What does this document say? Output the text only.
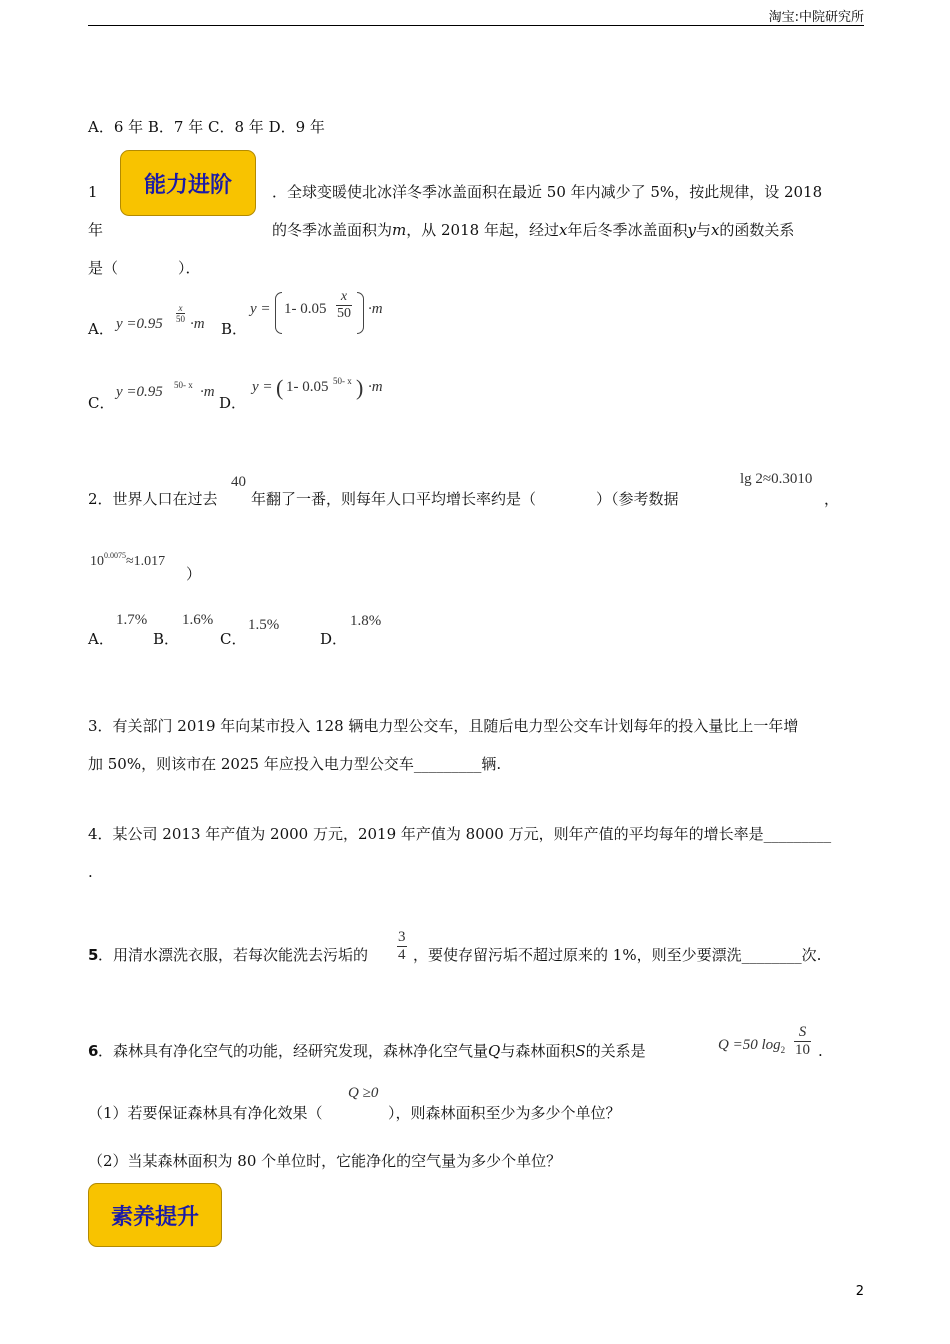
淘宝:中院研究所
A．6 年 B．7 年 C．8 年 D．9 年
能力进阶
1	．全球变暖使北冰洋冬季冰盖面积在最近 50 年内减少了 5%，按此规律，设 2018
年	的冬季冰盖面积为m，从 2018 年起，经过x年后冬季冰盖面积y与x的函数关系
是（　　　　）．
A． $y =0.95 \frac{x}{50} \cdot m$ B．
y = 1- $0.05 \frac{x}{50} \cdot m$
C．
y =0.95 50- x ·m
D．
y = ( 1- 0.05 50- x ) ·m
2．世界人口在过去
40
年翻了一番，则每年人口平均增长率约是（　　　　）（参考数据
lg 2≈0.3010
，
$10^{0.0075}\approx 1.017$
）
A．
1.7%
B．
1.6%
C．
1.5%
D．
1.8%
3．有关部门 2019 年向某市投入 128 辆电力型公交车，且随后电力型公交车计划每年的投入量比上一年增
加 50%，则该市在 2025 年应投入电力型公交车_________辆.
4．某公司 2013 年产值为 2000 万元，2019 年产值为 8000 万元，则年产值的平均每年的增长率是_________
.
5 ．用清水漂洗衣服，若每次能洗去污垢的 $\frac{3}{4}$ ，要使存留污垢不超过原来的 1%，则至少要漂洗________次.
6 ．森林具有净化空气的功能，经研究发现，森林净化空气量Q与森林面积S的关系是	Q =50 $\log_2 \frac{S}{10}$ .
（1）若要保证森林具有净化效果（
Q ≥0
），则森林面积至少为多少个单位？
（2）当某森林面积为 80 个单位时，它能净化的空气量为多少个单位？
素养提升
2
